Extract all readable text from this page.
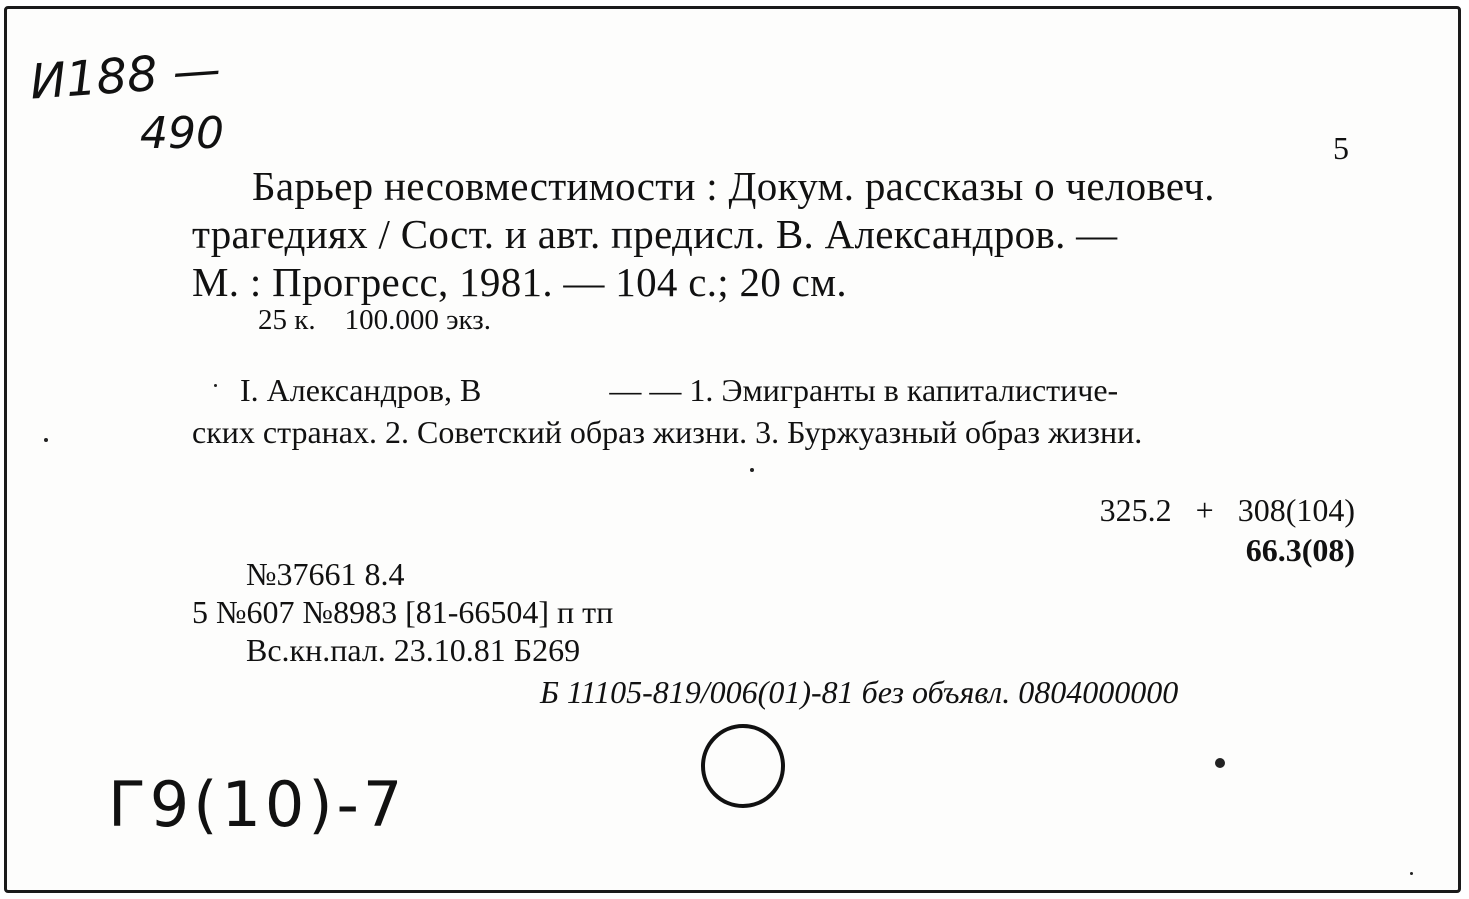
И188 —
490	5
Барьер несовместимости : Докум. рассказы о человеч.
трагедиях / Сост. и авт. предисл. В. Александров. —
М. : Прогресс, 1981. — 104 с.; 20 см.
25 к.    100.000 экз.
I. Александров, В                — — 1. Эмигранты в капиталистиче-
ских странах. 2. Советский образ жизни. 3. Буржуазный образ жизни.
325.2   +   308(104)
66.3(08)
№37661 8.4
5 №607 №8983 [81-66504] п тп
Вс.кн.пал. 23.10.81 Б269
Б 11105-819/006(01)-81 без объявл. 0804000000
Г9(10)-7
